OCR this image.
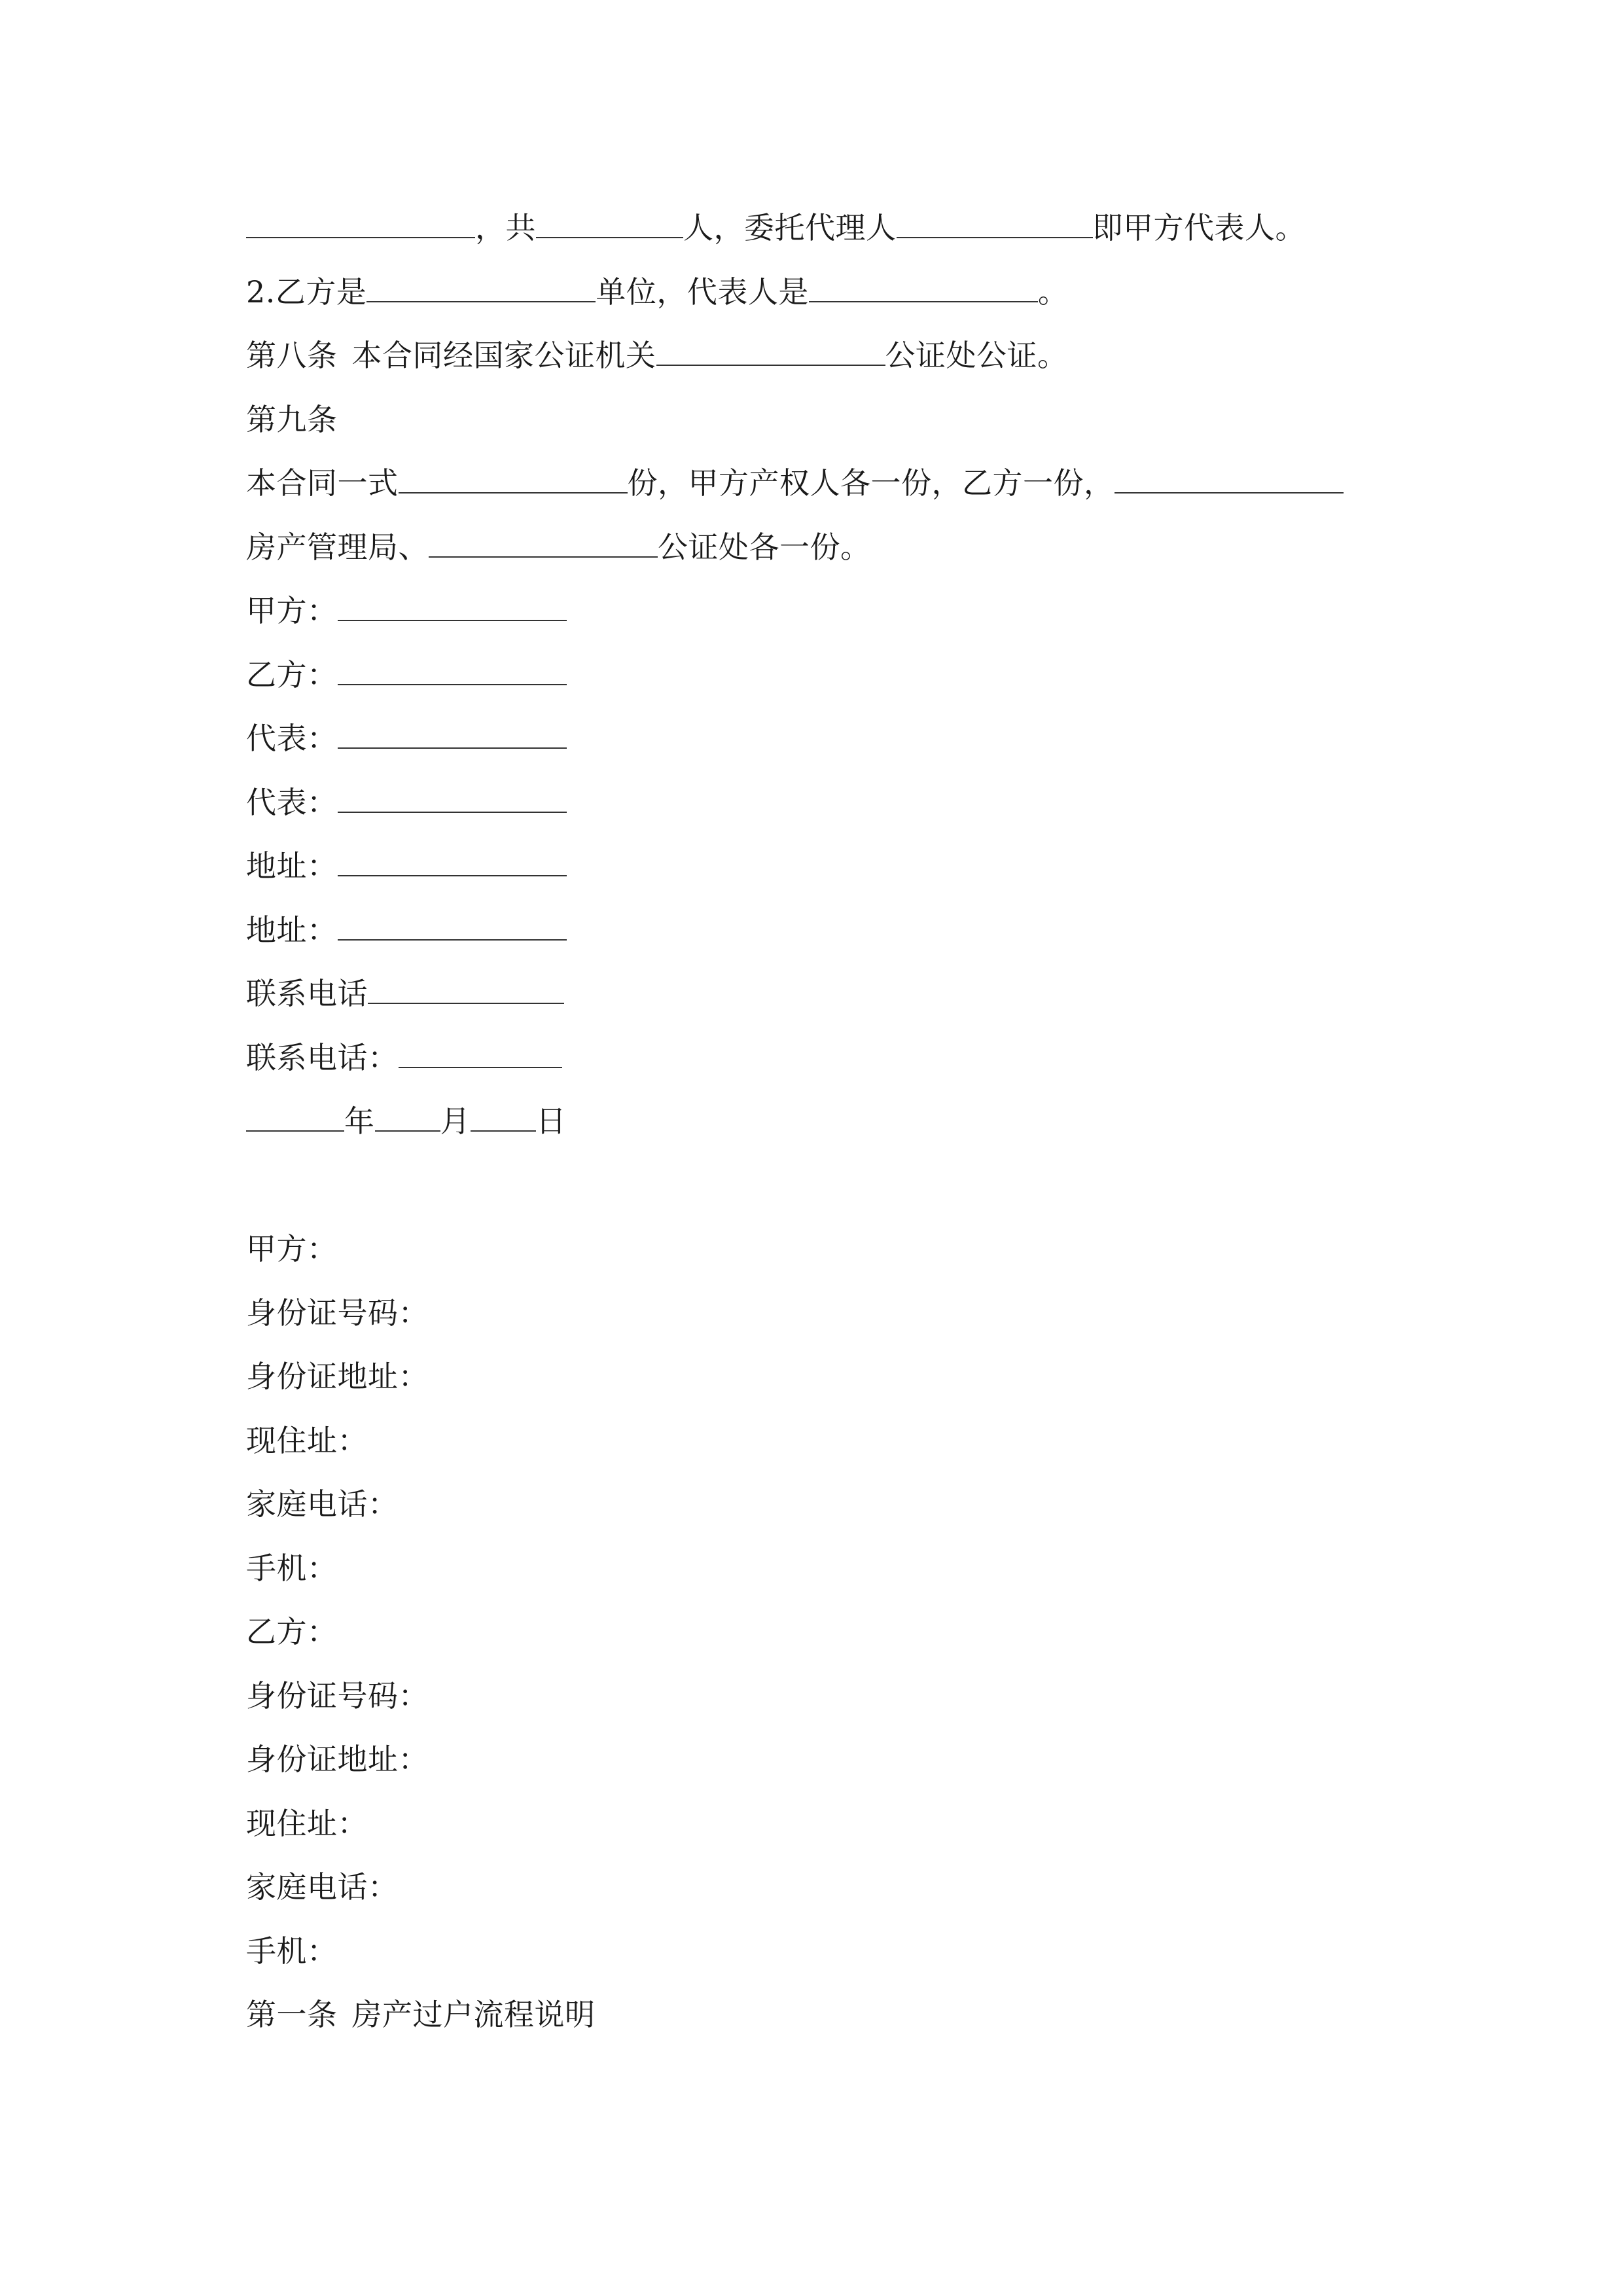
，共	人，委托代理人	即甲方代表人。
2.乙方是	单位，代表人是	。
第八条 本合同经国家公证机关	公证处公证。
第九条
本合同一式	份，甲方产权人各一份，乙方一份，
房产管理局、	公证处各一份。
甲方：
乙方：
代表：
代表：
地址：
地址：
联系电话
联系电话：
年 月 日
甲方：
身份证号码：
身份证地址：
现住址：
家庭电话：
手机：
乙方：
身份证号码：
身份证地址：
现住址：
家庭电话：
手机：
第一条 房产过户流程说明
